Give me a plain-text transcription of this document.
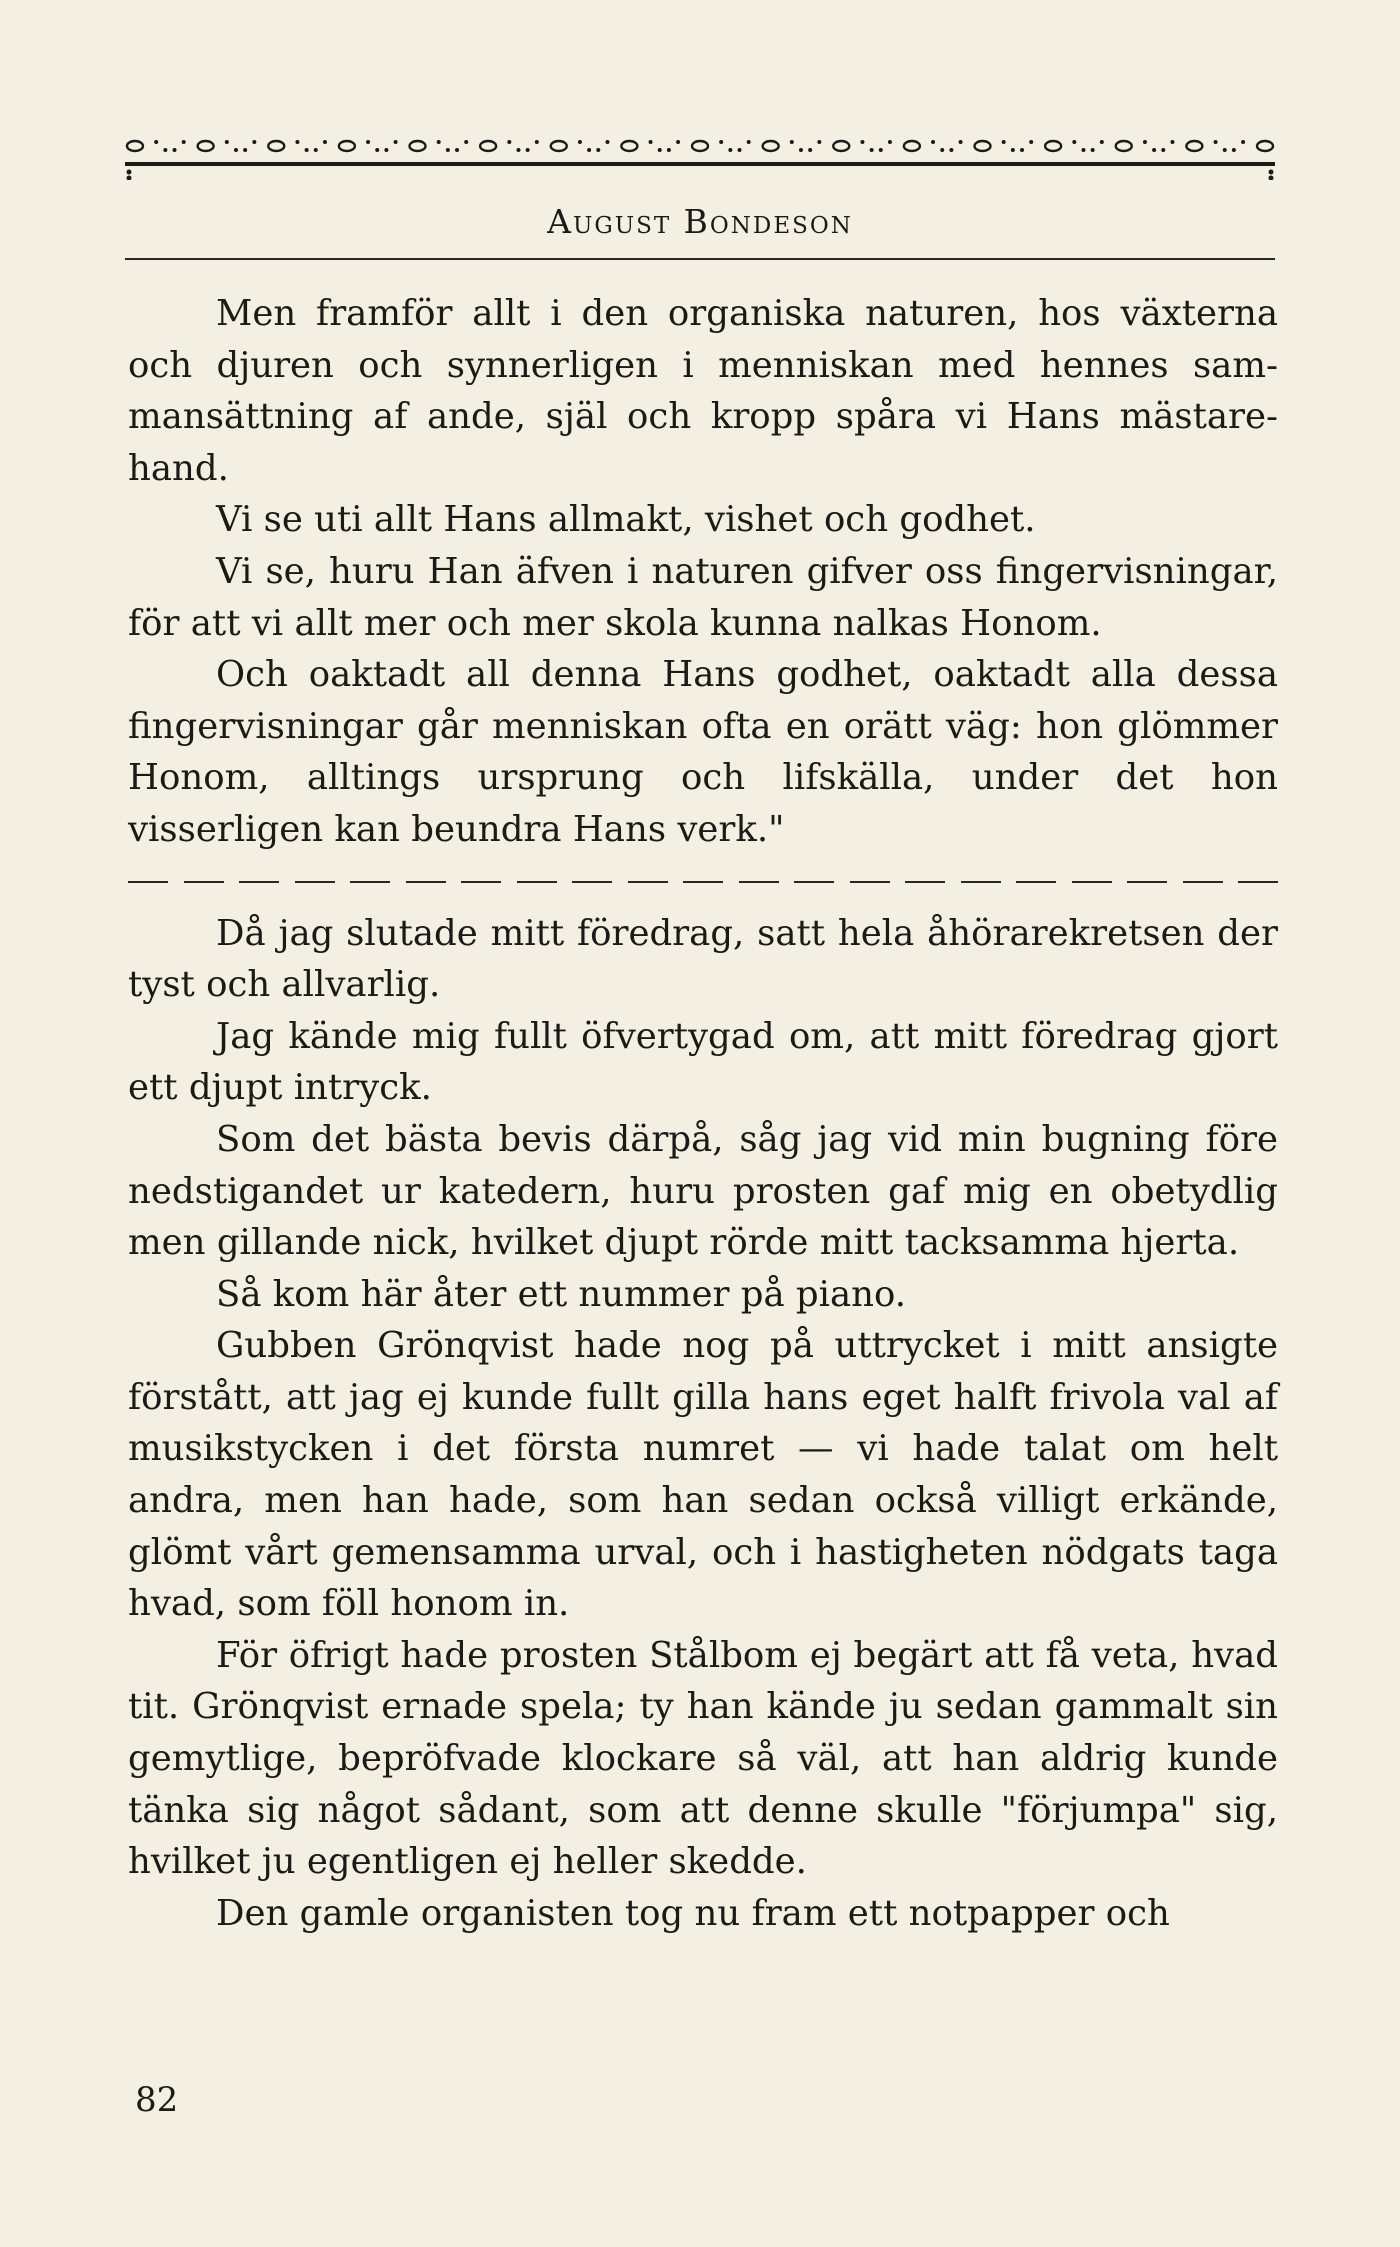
August Bondeson

Men framför allt i den organiska naturen, hos växterna och djuren och synnerligen i menniskan med hennes sammansättning af ande, själ och kropp spåra vi Hans mästarehand.

Vi se uti allt Hans allmakt, vishet och godhet.

Vi se, huru Han äfven i naturen gifver oss fingervisningar, för att vi allt mer och mer skola kunna nalkas Honom.

Och oaktadt all denna Hans godhet, oaktadt alla dessa fingervisningar går menniskan ofta en orätt väg: hon glömmer Honom, alltings ursprung och lifskälla, under det hon visserligen kan beundra Hans verk."

Då jag slutade mitt föredrag, satt hela åhörarekretsen der tyst och allvarlig.

Jag kände mig fullt öfvertygad om, att mitt föredrag gjort ett djupt intryck.

Som det bästa bevis därpå, såg jag vid min bugning före nedstigandet ur katedern, huru prosten gaf mig en obetydlig men gillande nick, hvilket djupt rörde mitt tacksamma hjerta.

Så kom här åter ett nummer på piano.

Gubben Grönqvist hade nog på uttrycket i mitt ansigte förstått, att jag ej kunde fullt gilla hans eget halft frivola val af musikstycken i det första numret — vi hade talat om helt andra, men han hade, som han sedan också villigt erkände, glömt vårt gemensamma urval, och i hastigheten nödgats taga hvad, som föll honom in.

För öfrigt hade prosten Stålbom ej begärt att få veta, hvad tit. Grönqvist ernade spela; ty han kände ju sedan gammalt sin gemytlige, bepröfvade klockare så väl, att han aldrig kunde tänka sig något sådant, som att denne skulle "förjumpa" sig, hvilket ju egentligen ej heller skedde.

Den gamle organisten tog nu fram ett notpapper och

82
